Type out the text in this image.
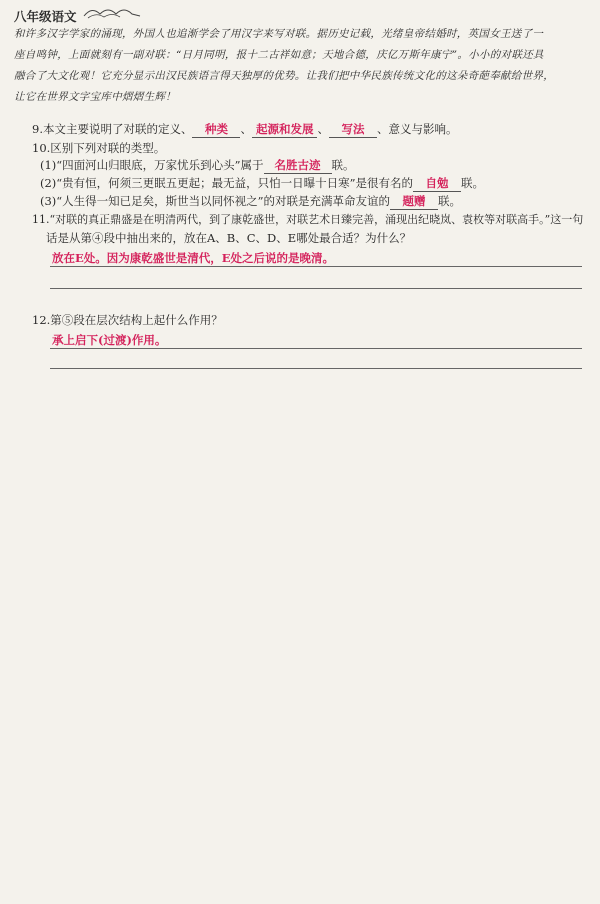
八年级语文
和许多汉字学家的涌现，外国人也追渐学会了用汉字来写对联。据历史记载，光绪皇帝结婚时，英国女王送了一
座自鸣钟，上面就刻有一副对联：“日月同明，报十二古祥如意；天地合德，庆亿万斯年康宁”。小小的对联还具
融合了大文化观！它充分显示出汉民族语言得天独厚的优势。让我们把中华民族传统文化的这朵奇葩奉献给世界，
让它在世界文字宝库中熠熠生辉！
9.本文主要说明了对联的定义、 种类 、 起源和发展 、 写法 、意义与影响。
10.区别下列对联的类型。
(1)“四面河山归眼底，万家忧乐到心头”属于 名胜古迹 联。
(2)“贵有恒，何须三更眠五更起；最无益，只怕一日曝十日寒”是很有名的 自勉 联。
(3)“人生得一知已足矣，斯世当以同怀视之”的对联是充满革命友谊的 题赠 联。
11.“对联的真正鼎盛是在明清两代，到了康乾盛世，对联艺术日臻完善，涌现出纪晓岚、袁枚等对联高手。”这一句
话是从第④段中抽出来的，放在A、B、C、D、E哪处最合适？为什么？
放在E处。因为康乾盛世是清代，E处之后说的是晚清。
12.第⑤段在层次结构上起什么作用？
承上启下(过渡)作用。
